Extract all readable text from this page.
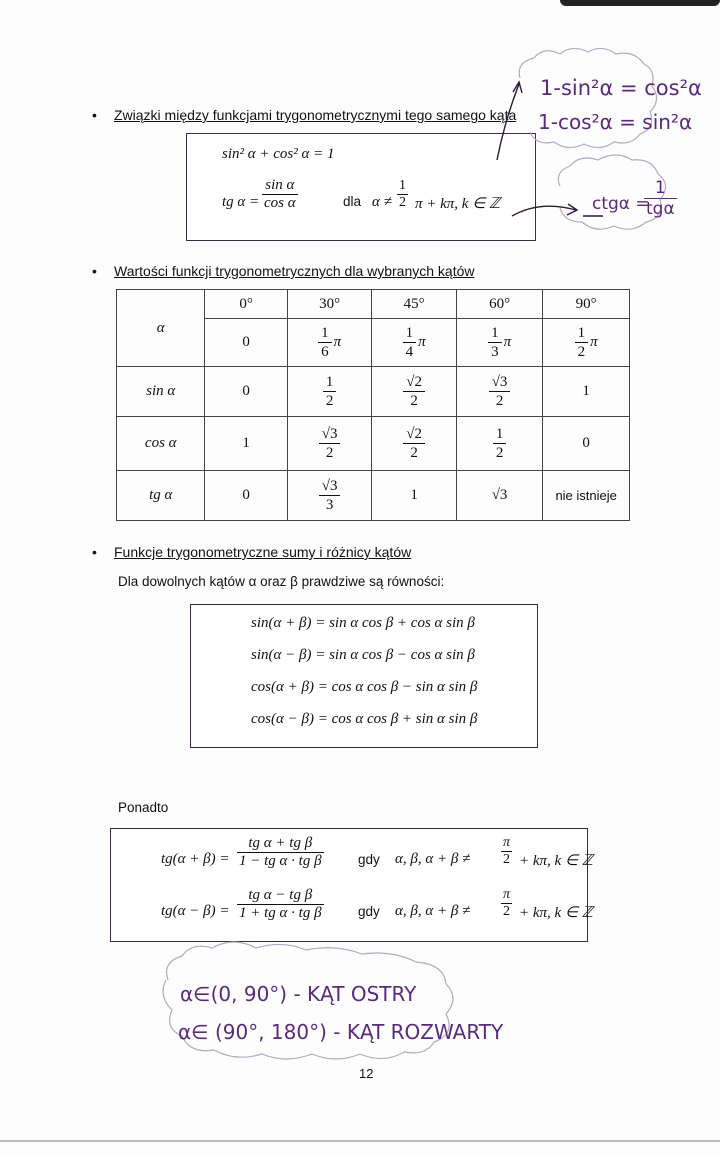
• Związki między funkcjami trygonometrycznymi tego samego kąta
sin² α + cos² α = 1
tg $\alpha = \frac{\text{sin α}}{\text{cos α}}$	dla $\alpha \ne \frac{1}{2}$ π + kπ, k ∈ ℤ
• Wartości funkcji trygonometrycznych dla wybranych kątów
α	0°	30°	45°	60°	90°
	0	$\frac{1}{6}$ π	$\frac{1}{4}$ π	$\frac{1}{3}$ π	$\frac{1}{2}$ π
sin α	0	$\frac{1}{2}$	$\frac{√2}{2}$	$\frac{√3}{2}$	1
cos α	1	$\frac{√3}{2}$	$\frac{√2}{2}$	$\frac{1}{2}$	0
tg α	0	$\frac{√3}{3}$	1	√3	nie istnieje
• Funkcje trygonometryczne sumy i różnicy kątów
Dla dowolnych kątów α oraz β prawdziwe są równości:
sin(α + β) = sin α cos β + cos α sin β
sin(α − β) = sin α cos β − cos α sin β
cos(α + β) = cos α cos β − sin α sin β
cos(α − β) = cos α cos β + sin α sin β
Ponadto
$tg(\alpha + \beta) = \frac{\text{tg α + tg β}}{\text{1 − tg α · tg β}}$	gdy α, β, $\alpha + \beta \ne \frac{\pi}{2} + k\pi$, k ∈ ℤ
$tg(\alpha - \beta) = \frac{\text{tg α − tg β}}{\text{1 + tg α · tg β}}$	gdy α, β, $\alpha + \beta \ne \frac{\pi}{2} + k\pi$, k ∈ ℤ
1-sin²α = cos²α
1-cos²α = sin²α
ctgα =
1
tgα
α∈(0, 90°) - KĄT OSTRY
α∈ (90°, 180°) - KĄT ROZWARTY
12
